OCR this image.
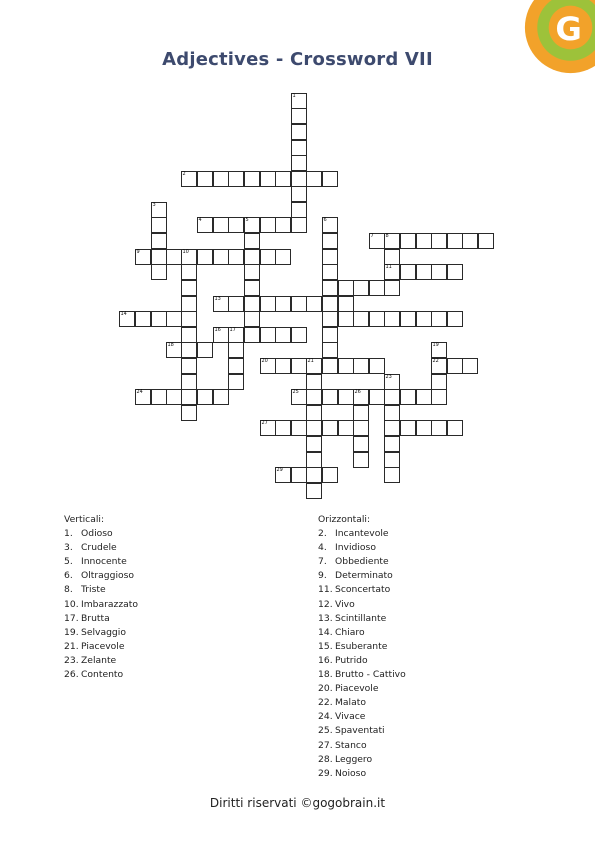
G
Adjectives - Crossword VII
1
2
3
4	5	6
7 8
11
9	10
13
14
16 17
18	19
22
20	21
23
24	25	26
27
29
Verticali:
1. Odioso
3. Crudele
5. Innocente
6. Oltraggioso
8. Triste
10. Imbarazzato
17. Brutta
19. Selvaggio
21. Piacevole
23. Zelante
26. Contento
Orizzontali:
2. Incantevole
4. Invidioso
7. Obbediente
9. Determinato
11. Sconcertato
12. Vivo
13. Scintillante
14. Chiaro
15. Esuberante
16. Putrido
18. Brutto - Cattivo
20. Piacevole
22. Malato
24. Vivace
25. Spaventati
27. Stanco
28. Leggero
29. Noioso
Diritti riservati ©gogobrain.it
